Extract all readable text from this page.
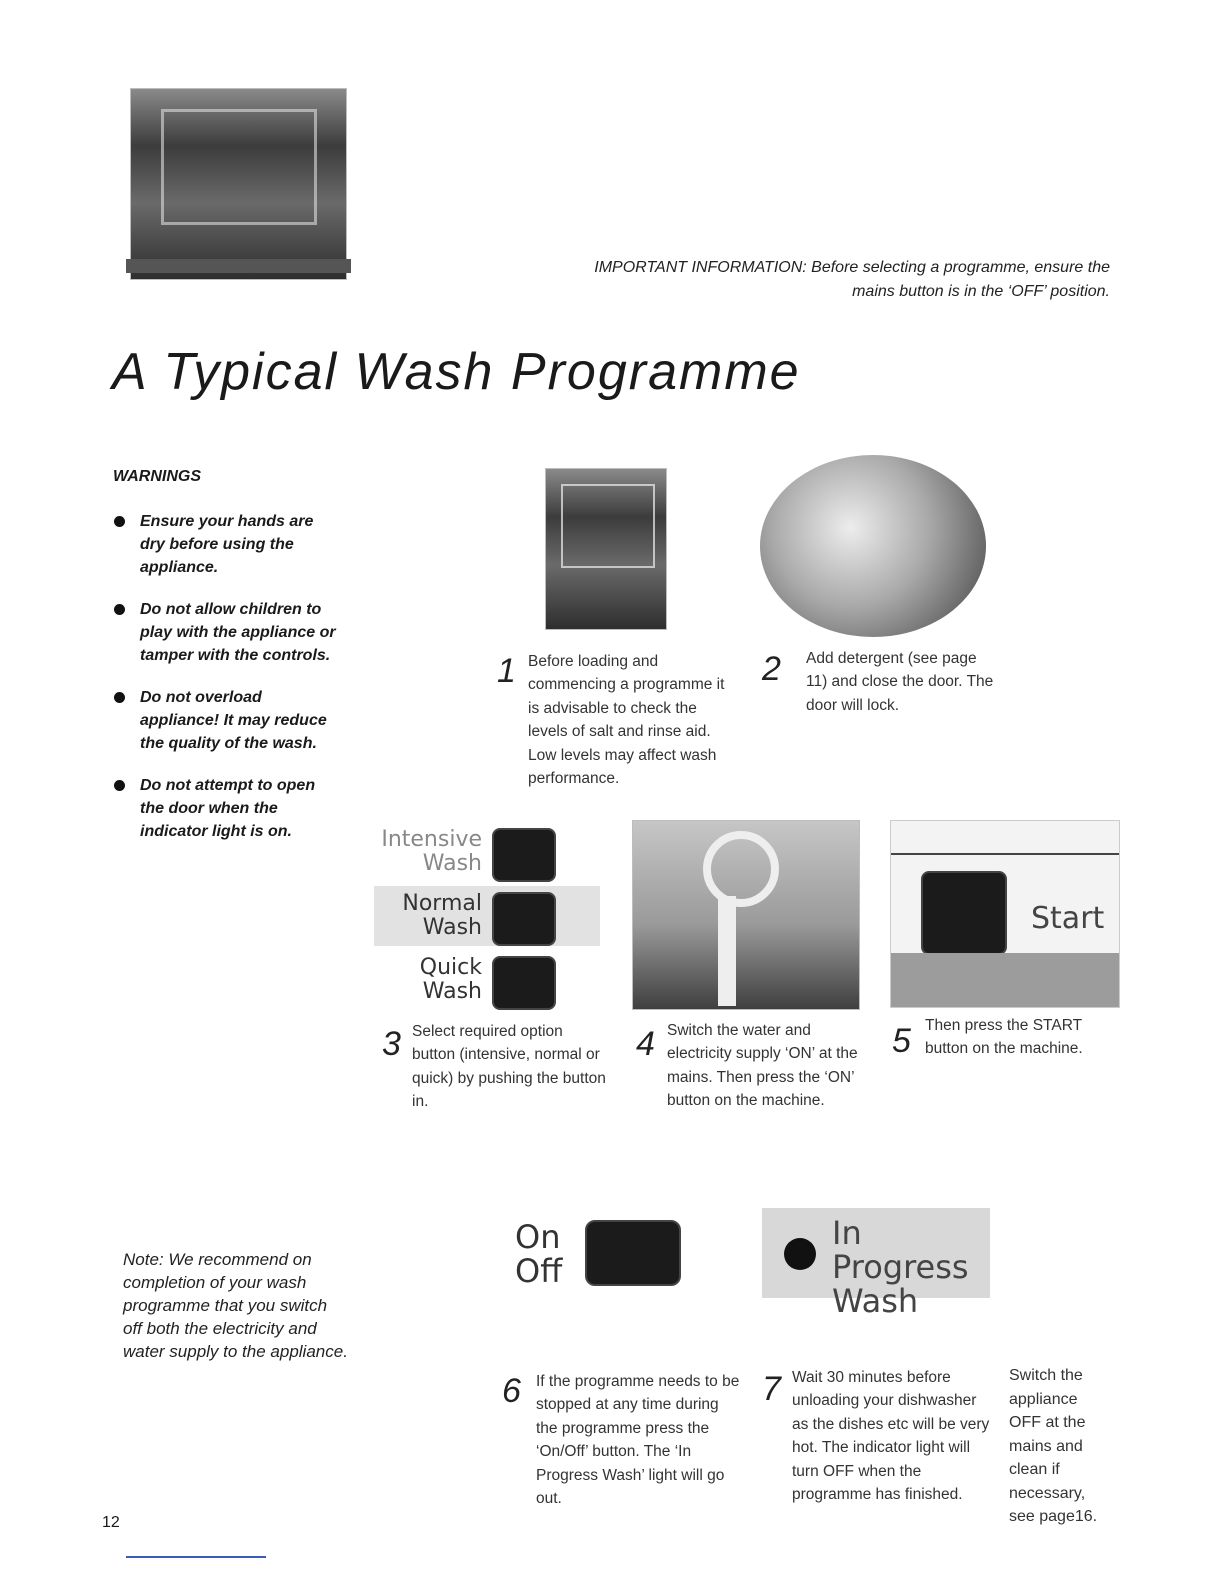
IMPORTANT INFORMATION: Before selecting a programme, ensure the
mains button is in the ‘OFF’ position.
A Typical Wash Programme
WARNINGS
Ensure your hands are dry before using the appliance.
Do not allow children to play with the appliance or tamper with the controls.
Do not overload appliance! It may reduce the quality of the wash.
Do not attempt to open the door when the indicator light is on.
Note: We recommend on completion of your wash programme that you switch off both the electricity and water supply to the appliance.
1 Before loading and commencing a programme it is advisable to check the levels of salt and rinse aid. Low levels may affect wash performance.
2 Add detergent (see page 11) and close the door. The door will lock.
Intensive
Wash
Normal
Wash
Quick
Wash
3 Select required option button (intensive, normal or quick) by pushing the button in.
4 Switch the water and electricity supply ‘ON’ at the mains. Then press the ‘ON’ button on the machine.
Start
5 Then press the START button on the machine.
On
Off
6 If the programme needs to be stopped at any time during the programme press the ‘On/Off’ button. The ‘In Progress Wash’ light will go out.
In Progress
Wash
7 Wait 30 minutes before unloading your dishwasher as the dishes etc will be very hot. The indicator light will turn OFF when the programme has finished.
Switch the appliance OFF at the mains and clean if necessary, see page16.
12
